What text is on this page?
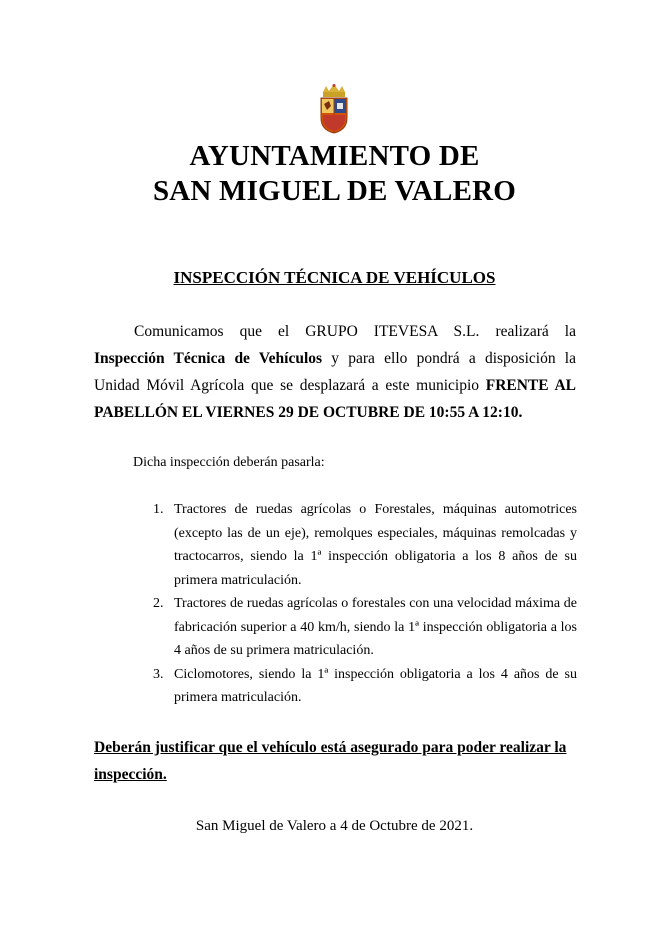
AYUNTAMIENTO DE
SAN MIGUEL DE VALERO
INSPECCIÓN TÉCNICA DE VEHÍCULOS
Comunicamos que el GRUPO ITEVESA S.L. realizará la
Inspección Técnica de Vehículos y para ello pondrá a disposición la
Unidad Móvil Agrícola que se desplazará a este municipio FRENTE AL
PABELLÓN EL VIERNES 29 DE OCTUBRE DE 10:55 A 12:10.

Dicha inspección deberán pasarla:

1. Tractores de ruedas agrícolas o Forestales, máquinas automotrices (excepto las de un eje), remolques especiales, máquinas remolcadas y tractocarros, siendo la 1ª inspección obligatoria a los 8 años de su primera matriculación.
2. Tractores de ruedas agrícolas o forestales con una velocidad máxima de fabricación superior a 40 km/h, siendo la 1ª inspección obligatoria a los 4 años de su primera matriculación.
3. Ciclomotores, siendo la 1ª inspección obligatoria a los 4 años de su primera matriculación.

Deberán justificar que el vehículo está asegurado para poder realizar la inspección.

San Miguel de Valero a 4 de Octubre de 2021.
